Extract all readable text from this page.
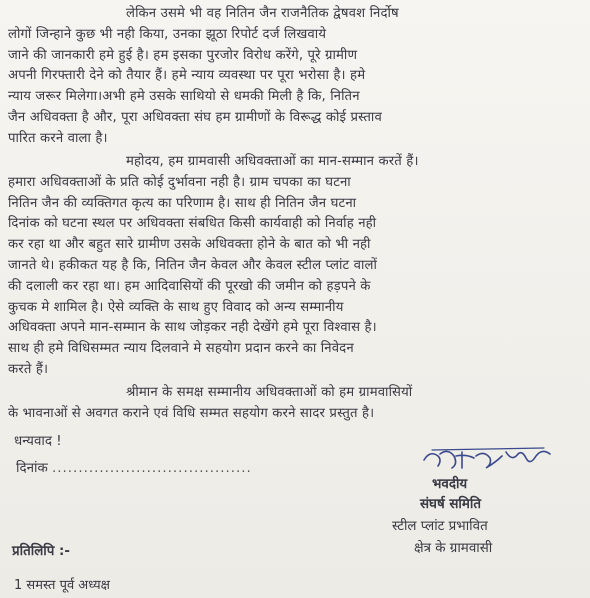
लेकिन उसमे भी वह नितिन जैन राजनैतिक द्वेषवश निर्दोष
लोगों जिन्हाने कुछ भी नही किया, उनका झूठा रिपोर्ट दर्ज लिखवाये
जाने की जानकारी हमे हुई है। हम इसका पुरजोर विरोध करेंगे, पूरे ग्रामीण
अपनी गिरफ्तारी देने को तैयार हैं। हमे न्याय व्यवस्था पर पूरा भरोसा है। हमे
न्याय जरूर मिलेगा।अभी हमे उसके साथियो से धमकी मिली है कि, नितिन
जैन अधिवक्ता है और, पूरा अधिवक्ता संघ हम ग्रामीणों के विरूद्ध कोई प्रस्ताव
पारित करने वाला है।
महोदय, हम ग्रामवासी अधिवक्ताओं का मान-सम्मान करतें हैं।
हमारा अधिवक्ताओं के प्रति कोई दुर्भावना नही है। ग्राम चपका का घटना
नितिन जैन की व्यक्तिगत कृत्य का परिणाम है। साथ ही नितिन जैन घटना
दिनांक को घटना स्थल पर अधिवक्ता संबधित किसी कार्यवाही को निर्वाह नही
कर रहा था और बहुत सारे ग्रामीण उसके अधिवक्ता होने के बात को भी नही
जानते थे। हकीकत यह है कि, नितिन जैन केवल और केवल स्टील प्लांट वालों
की दलाली कर रहा था। हम आदिवासियों की पूरखो की जमीन को हड़पने के
कुचक मे शामिल है। ऐसे व्यक्ति के साथ हुए विवाद को अन्य सम्मानीय
अधिवक्ता अपने मान-सम्मान के साथ जोड़कर नही देखेंगे हमे पूरा विश्वास है।
साथ ही हमे विधिसम्मत न्याय दिलवाने मे सहयोग प्रदान करने का निवेदन
करते हैं।
श्रीमान के समक्ष सम्मानीय अधिवक्ताओं को हम ग्रामवासियों
के भावनाओं से अवगत कराने एवं विधि सम्मत सहयोग करने सादर प्रस्तुत है।
धन्यवाद !
दिनांक ......................................
भवदीय
संघर्ष समिति
स्टील प्लांट प्रभावित
क्षेत्र के ग्रामवासी
प्रतिलिपि :-
1 समस्त पूर्व अध्यक्ष
